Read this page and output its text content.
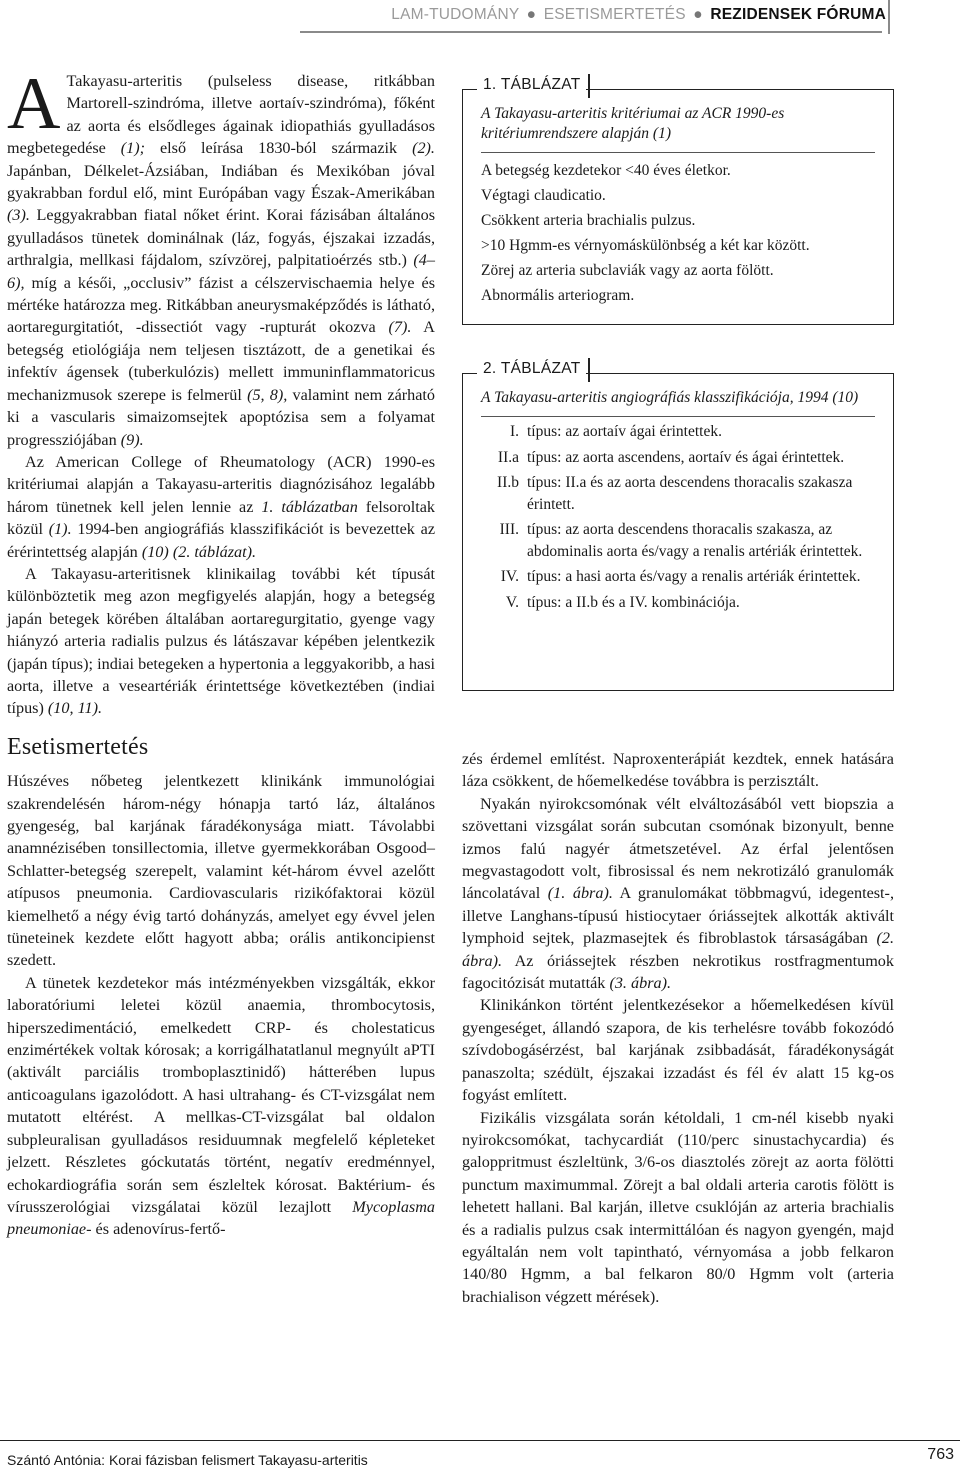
LAM-TUDOMÁNY ● ESETISMERTETÉS ● REZIDENSEK FÓRUMA

A Takayasu-arteritis (pulseless disease, ritkábban Martorell-szindróma, illetve aortaív-szindróma), főként az aorta és elsődleges ágainak idiopathiás gyulladásos megbetegedése (1); első leírása 1830-ból származik (2). Japánban, Délkelet-Ázsiában, Indiában és Mexikóban jóval gyakrabban fordul elő, mint Európában vagy Észak-Amerikában (3). Leggyakrabban fiatal nőket érint. Korai fázisában általános gyulladásos tünetek dominálnak (láz, fogyás, éjszakai izzadás, arthralgia, mellkasi fájdalom, szívzörej, palpitatioérzés stb.) (4–6), míg a késői, „occlusiv” fázist a célszervischaemia helye és mértéke határozza meg. Ritkábban aneurysmaképződés is látható, aortaregurgitatiót, -dissectiót vagy -rupturát okozva (7). A betegség etiológiája nem teljesen tisztázott, de a genetikai és infektív ágensek (tuberkulózis) mellett immuninflammatoricus mechanizmusok szerepe is felmerül (5, 8), valamint nem zárható ki a vascularis simaizomsejtek apoptózisa sem a folyamat progressziójában (9).

Az American College of Rheumatology (ACR) 1990-es kritériumai alapján a Takayasu-arteritis diagnózisához legalább három tünetnek kell jelen lennie az 1. táblázatban felsoroltak közül (1). 1994-ben angiográfiás klasszifikációt is bevezettek az érérintettség alapján (10) (2. táblázat).

A Takayasu-arteritisnek klinikailag további két típusát különböztetik meg azon megfigyelés alapján, hogy a betegség japán betegek körében általában aortaregurgitatio, gyenge vagy hiányzó arteria radialis pulzus és látászavar képében jelentkezik (japán típus); indiai betegeken a hypertonia a leggyakoribb, a hasi aorta, illetve a veseartériák érintettsége következtében (indiai típus) (10, 11).

Esetismertetés

Húszéves nőbeteg jelentkezett klinikánk immunológiai szakrendelésén három-négy hónapja tartó láz, általános gyengeség, bal karjának fáradékonysága miatt. Távolabbi anamnézisében tonsillectomia, illetve gyermekkorában Osgood–Schlatter-betegség szerepelt, valamint két-három évvel azelőtt atípusos pneumonia. Cardiovascularis rizikófaktorai közül kiemelhető a négy évig tartó dohányzás, amelyet egy évvel jelen tüneteinek kezdete előtt hagyott abba; orális antikoncipienst szedett.

A tünetek kezdetekor más intézményekben vizsgálták, ekkor laboratóriumi leletei közül anaemia, thrombocytosis, hiperszedimentáció, emelkedett CRP- és cholestaticus enzimértékek voltak kórosak; a korrigálhatatlanul megnyúlt aPTI (aktivált parciális tromboplasztinidő) hátterében lupus anticoagulans igazolódott. A hasi ultrahang- és CT-vizsgálat nem mutatott eltérést. A mellkas-CT-vizsgálat bal oldalon subpleuralisan gyulladásos residuumnak megfelelő képleteket jelzett. Részletes góckutatás történt, negatív eredménnyel, echokardiográfia során sem észleltek kórosat. Baktérium- és vírusszerológiai vizsgálatai közül lezajlott Mycoplasma pneumoniae- és adenovírus-fertő-

1. TÁBLÁZAT
A Takayasu-arteritis kritériumai az ACR 1990-es kritériumrendszere alapján (1)
A betegség kezdetekor <40 éves életkor.
Végtagi claudicatio.
Csökkent arteria brachialis pulzus.
>10 Hgmm-es vérnyomáskülönbség a két kar között.
Zörej az arteria subclaviák vagy az aorta fölött.
Abnormális arteriogram.
2. TÁBLÁZAT
A Takayasu-arteritis angiográfiás klasszifikációja, 1994 (10)
I. típus: az aortaív ágai érintettek.
II.a típus: az aorta ascendens, aortaív és ágai érintettek.
II.b típus: II.a és az aorta descendens thoracalis szakasza érintett.
III. típus: az aorta descendens thoracalis szakasza, az abdominalis aorta és/vagy a renalis artériák érintettek.
IV. típus: a hasi aorta és/vagy a renalis artériák érintettek.
V. típus: a II.b és a IV. kombinációja.

zés érdemel említést. Naproxenterápiát kezdtek, ennek hatására láza csökkent, de hőemelkedése továbbra is perzisztált.

Nyakán nyirokcsomónak vélt elváltozásából vett biopszia a szövettani vizsgálat során subcutan csomónak bizonyult, benne izmos falú nagyér átmetszetével. Az érfal jelentősen megvastagodott volt, fibrosissal és nem nekrotizáló granulomák láncolatával (1. ábra). A granulomákat többmagvú, idegentest-, illetve Langhans-típusú histiocytaer óriássejtek alkották aktivált lymphoid sejtek, plazmasejtek és fibroblastok társaságában (2. ábra). Az óriássejtek részben nekrotikus rostfragmentumok fagocitózisát mutatták (3. ábra).

Klinikánkon történt jelentkezésekor a hőemelkedésen kívül gyengeséget, állandó szapora, de kis terhelésre tovább fokozódó szívdobogásérzést, bal karjának zsibbadását, fáradékonyságát panaszolta; szédült, éjszakai izzadást és fél év alatt 15 kg-os fogyást említett.

Fizikális vizsgálata során kétoldali, 1 cm-nél kisebb nyaki nyirokcsomókat, tachycardiát (110/perc sinustachycardia) és galoppritmust észleltünk, 3/6-os diasztolés zörejt az aorta fölötti punctum maximummal. Zörejt a bal oldali arteria carotis fölött is lehetett hallani. Bal karján, illetve csuklóján az arteria brachialis és a radialis pulzus csak intermittálóan és nagyon gyengén, majd egyáltalán nem volt tapintható, vérnyomása a jobb felkaron 140/80 Hgmm, a bal felkaron 80/0 Hgmm volt (arteria brachialison végzett mérések).

Szántó Antónia: Korai fázisban felismert Takayasu-arteritis	763
